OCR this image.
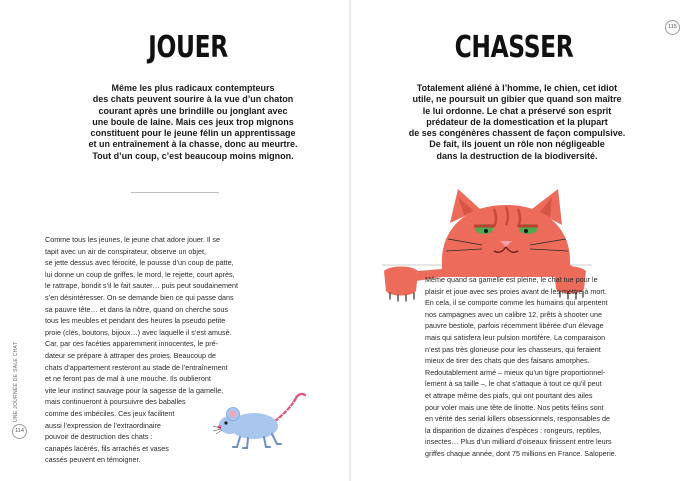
JOUER
Même les plus radicaux contempteurs
des chats peuvent sourire à la vue d’un chaton
courant après une brindille ou jonglant avec
une boule de laine. Mais ces jeux trop mignons
constituent pour le jeune félin un apprentissage
et un entraînement à la chasse, donc au meurtre.
Tout d’un coup, c’est beaucoup moins mignon.
Comme tous les jeunes, le jeune chat adore jouer. Il se
tapit avec un air de conspirateur, observe un objet,
se jette dessus avec férocité, le pousse d’un coup de patte,
lui donne un coup de griffes, le mord, le rejette, court après,
le rattrape, bondit s’il le fait sauter… puis peut soudainement
s’en désintéresser. On se demande bien ce qui passe dans
sa pauvre tête… et dans la nôtre, quand on cherche sous
tous les meubles et pendant des heures la pseudo petite
proie (clés, boutons, bijoux…) avec laquelle il s’est amusé.
Car, par ces facéties apparemment innocentes, le pré-
dateur se prépare à attraper des proies. Beaucoup de
chats d’appartement resteront au stade de l’entraînement
et ne feront pas de mal à une mouche. Ils oublieront
vite leur instinct sauvage pour la sagesse de la gamelle,
mais continueront à poursuivre des baballes
comme des imbéciles. Ces jeux facilitent
aussi l’expression de l’extraordinaire
pouvoir de destruction des chats :
canapés lacérés, fils arrachés et vases
cassés peuvent en témoigner.
114
UNE JOURNÉE DE SALE CHAT
CHASSER
Totalement aliéné à l’homme, le chien, cet idiot
utile, ne poursuit un gibier que quand son maître
le lui ordonne. Le chat a préservé son esprit
prédateur de la domestication et la plupart
de ses congénères chassent de façon compulsive.
De fait, ils jouent un rôle non négligeable
dans la destruction de la biodiversité.
Même quand sa gamelle est pleine, le chat tue pour le
plaisir et joue avec ses proies avant de les mettre à mort.
En cela, il se comporte comme les humains qui arpentent
nos campagnes avec un calibre 12, prêts à shooter une
pauvre bestiole, parfois récemment libérée d’un élevage
mais qui satisfera leur pulsion mortifère. La comparaison
n’est pas très glorieuse pour les chasseurs, qui feraient
mieux de tirer des chats que des faisans amorphes.
Redoutablement armé – mieux qu’un tigre proportionnel-
lement à sa taille –, le chat s’attaque à tout ce qu’il peut
et attrape même des piafs, qui ont pourtant des ailes
pour voler mais une tête de linotte. Nos petits félins sont
en vérité des serial killers obsessionnels, responsables de
la disparition de dizaines d’espèces : rongeurs, reptiles,
insectes… Plus d’un milliard d’oiseaux finissent entre leurs
griffes chaque année, dont 75 millions en France. Saloperie.
115
